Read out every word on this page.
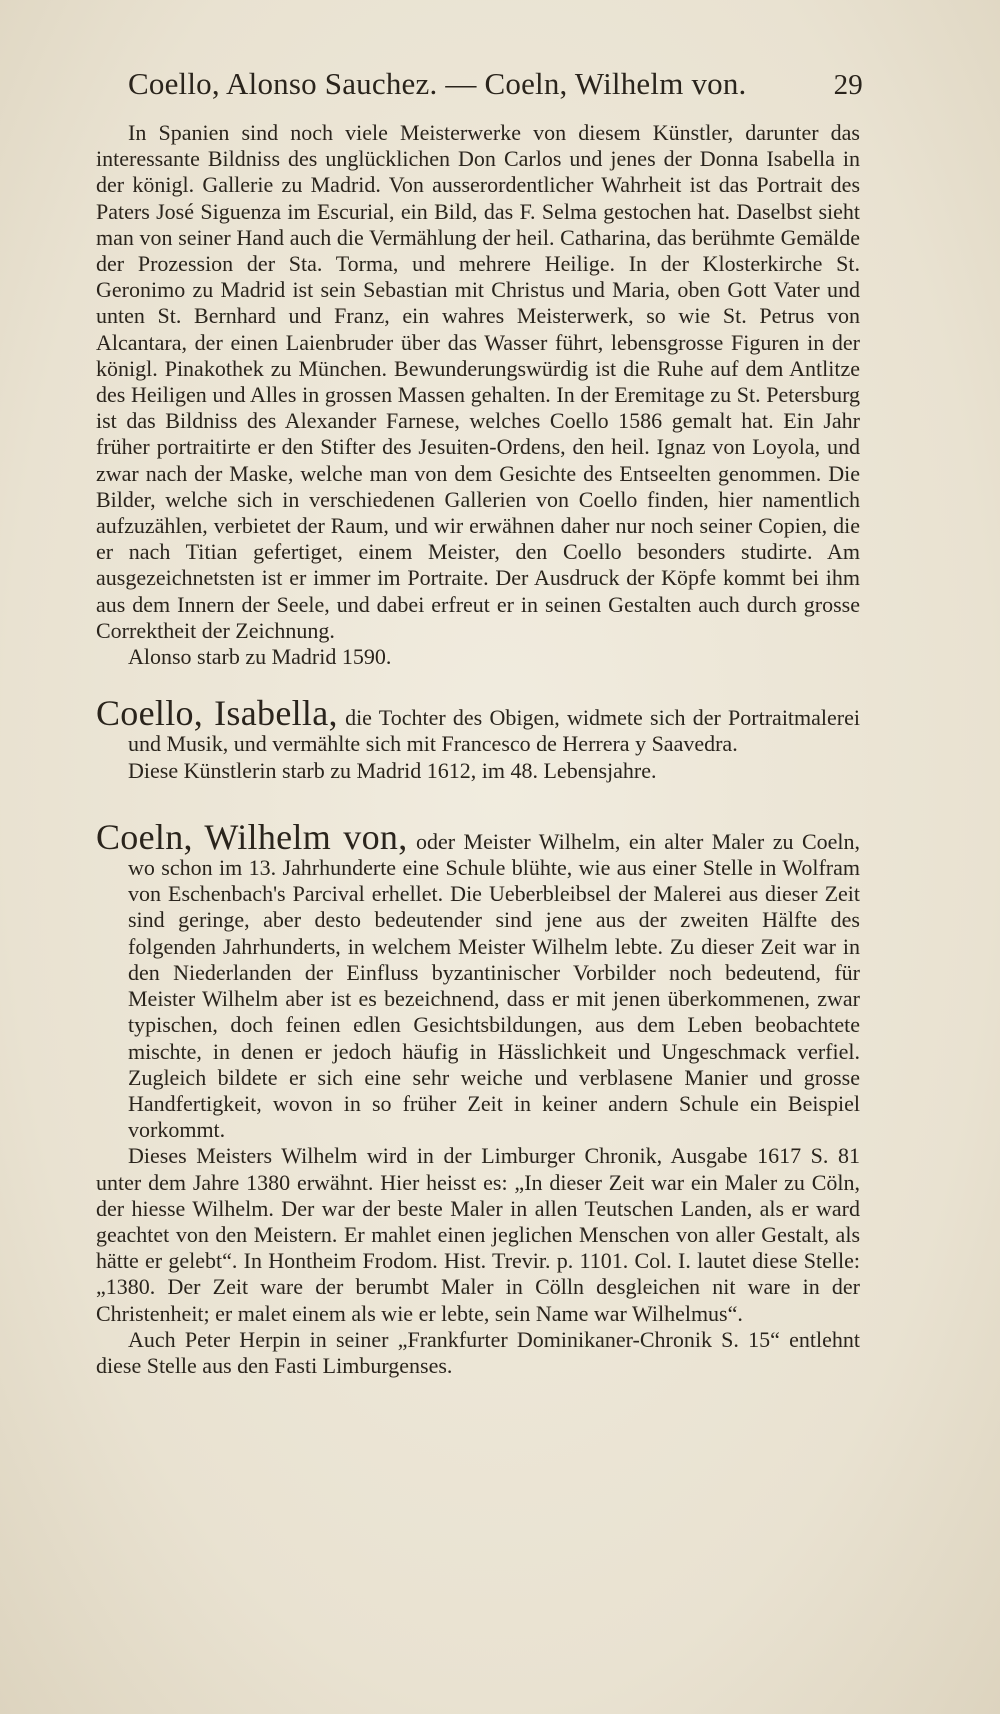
Coello, Alonso Sauchez. — Coeln, Wilhelm von.	29

In Spanien sind noch viele Meisterwerke von diesem Künstler, darunter das interessante Bildniss des unglücklichen Don Carlos und jenes der Donna Isabella in der königl. Gallerie zu Madrid. Von ausserordentlicher Wahrheit ist das Portrait des Paters José Siguenza im Escurial, ein Bild, das F. Selma gestochen hat. Daselbst sieht man von seiner Hand auch die Vermählung der heil. Catharina, das berühmte Gemälde der Prozession der Sta. Torma, und mehrere Heilige. In der Klosterkirche St. Geronimo zu Madrid ist sein Sebastian mit Christus und Maria, oben Gott Vater und unten St. Bernhard und Franz, ein wahres Meisterwerk, so wie St. Petrus von Alcantara, der einen Laienbruder über das Wasser führt, lebensgrosse Figuren in der königl. Pinakothek zu München. Bewunderungswürdig ist die Ruhe auf dem Antlitze des Heiligen und Alles in grossen Massen gehalten. In der Eremitage zu St. Petersburg ist das Bildniss des Alexander Farnese, welches Coello 1586 gemalt hat. Ein Jahr früher portraitirte er den Stifter des Jesuiten-Ordens, den heil. Ignaz von Loyola, und zwar nach der Maske, welche man von dem Gesichte des Entseelten genommen. Die Bilder, welche sich in verschiedenen Gallerien von Coello finden, hier namentlich aufzuzählen, verbietet der Raum, und wir erwähnen daher nur noch seiner Copien, die er nach Titian gefertiget, einem Meister, den Coello besonders studirte. Am ausgezeichnetsten ist er immer im Portraite. Der Ausdruck der Köpfe kommt bei ihm aus dem Innern der Seele, und dabei erfreut er in seinen Gestalten auch durch grosse Correktheit der Zeichnung.

Alonso starb zu Madrid 1590.

Coello, Isabella, die Tochter des Obigen, widmete sich der Portraitmalerei und Musik, und vermählte sich mit Francesco de Herrera y Saavedra.

Diese Künstlerin starb zu Madrid 1612, im 48. Lebensjahre.

Coeln, Wilhelm von, oder Meister Wilhelm, ein alter Maler zu Coeln, wo schon im 13. Jahrhunderte eine Schule blühte, wie aus einer Stelle in Wolfram von Eschenbach's Parcival erhellet. Die Ueberbleibsel der Malerei aus dieser Zeit sind geringe, aber desto bedeutender sind jene aus der zweiten Hälfte des folgenden Jahrhunderts, in welchem Meister Wilhelm lebte. Zu dieser Zeit war in den Niederlanden der Einfluss byzantinischer Vorbilder noch bedeutend, für Meister Wilhelm aber ist es bezeichnend, dass er mit jenen überkommenen, zwar typischen, doch feinen edlen Gesichtsbildungen, aus dem Leben beobachtete mischte, in denen er jedoch häufig in Hässlichkeit und Ungeschmack verfiel. Zugleich bildete er sich eine sehr weiche und verblasene Manier und grosse Handfertigkeit, wovon in so früher Zeit in keiner andern Schule ein Beispiel vorkommt.

Dieses Meisters Wilhelm wird in der Limburger Chronik, Ausgabe 1617 S. 81 unter dem Jahre 1380 erwähnt. Hier heisst es: „In dieser Zeit war ein Maler zu Cöln, der hiesse Wilhelm. Der war der beste Maler in allen Teutschen Landen, als er ward geachtet von den Meistern. Er mahlet einen jeglichen Menschen von aller Gestalt, als hätte er gelebt“. In Hontheim Frodom. Hist. Trevir. p. 1101. Col. I. lautet diese Stelle: „1380. Der Zeit ware der berumbt Maler in Cölln desgleichen nit ware in der Christenheit; er malet einem als wie er lebte, sein Name war Wilhelmus“.

Auch Peter Herpin in seiner „Frankfurter Dominikaner-Chronik S. 15“ entlehnt diese Stelle aus den Fasti Limburgenses.
